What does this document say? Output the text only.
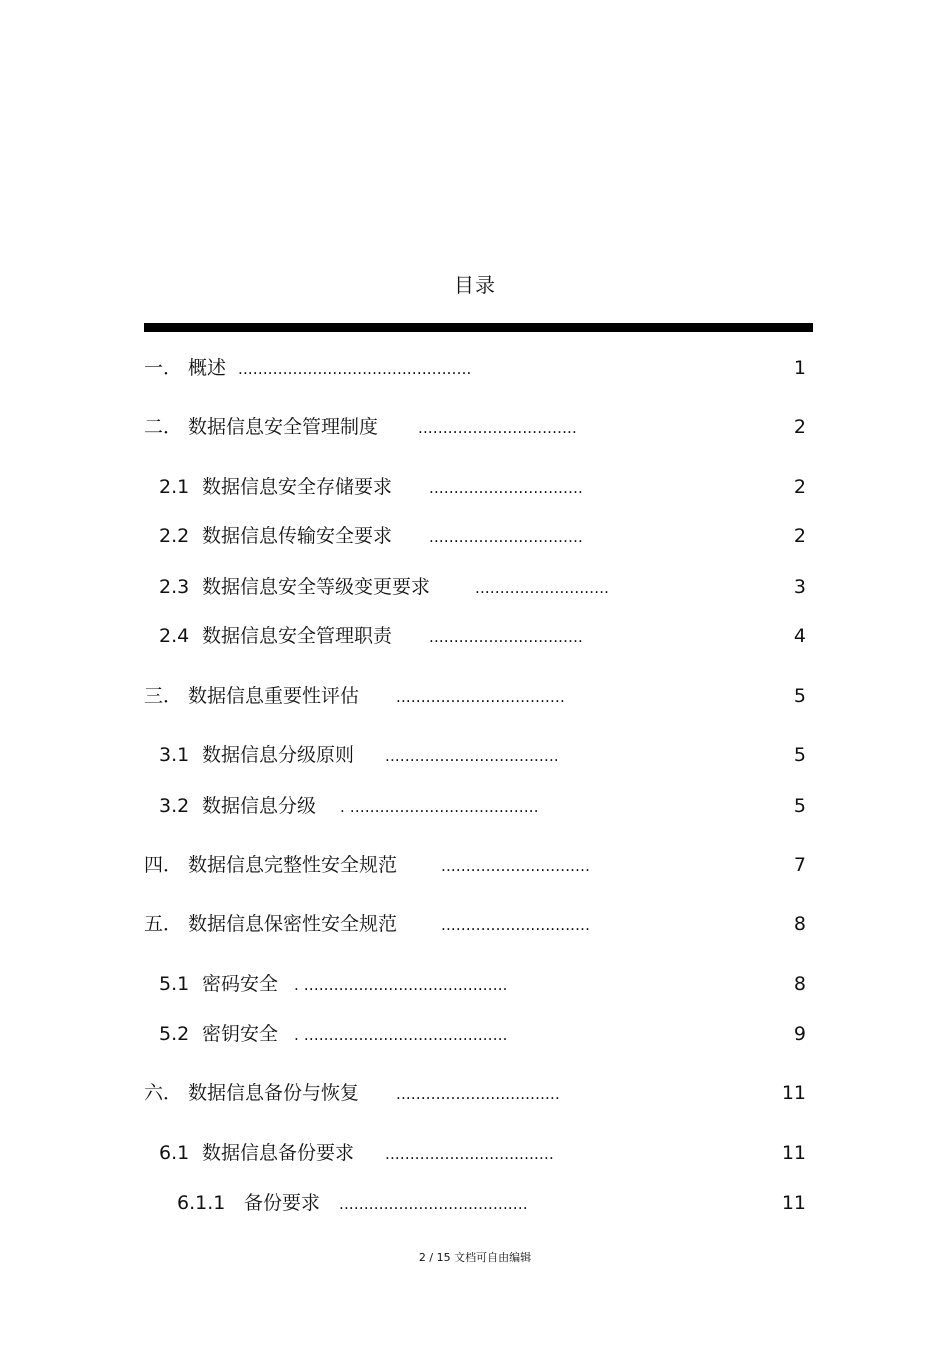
目录
一． 概述 ...............................................	1
二． 数据信息安全管理制度	................................	2
2.1 数据信息安全存储要求 ...............................	2
2.2 数据信息传输安全要求 ...............................	2
2.3 数据信息安全等级变更要求	...........................	3
2.4 数据信息安全管理职责 ...............................	4
三． 数据信息重要性评估 ..................................	5
3.1 数据信息分级原则 ...................................	5
3.2 数据信息分级 . ......................................	5
四． 数据信息完整性安全规范	..............................	7
五． 数据信息保密性安全规范	..............................	8
5.1 密码安全 . .........................................	8
5.2 密钥安全 . .........................................	9
六． 数据信息备份与恢复 .................................	11
6.1 数据信息备份要求 ..................................	11
6.1.1 备份要求 ......................................	11
2 / 15 文档可自由编辑
